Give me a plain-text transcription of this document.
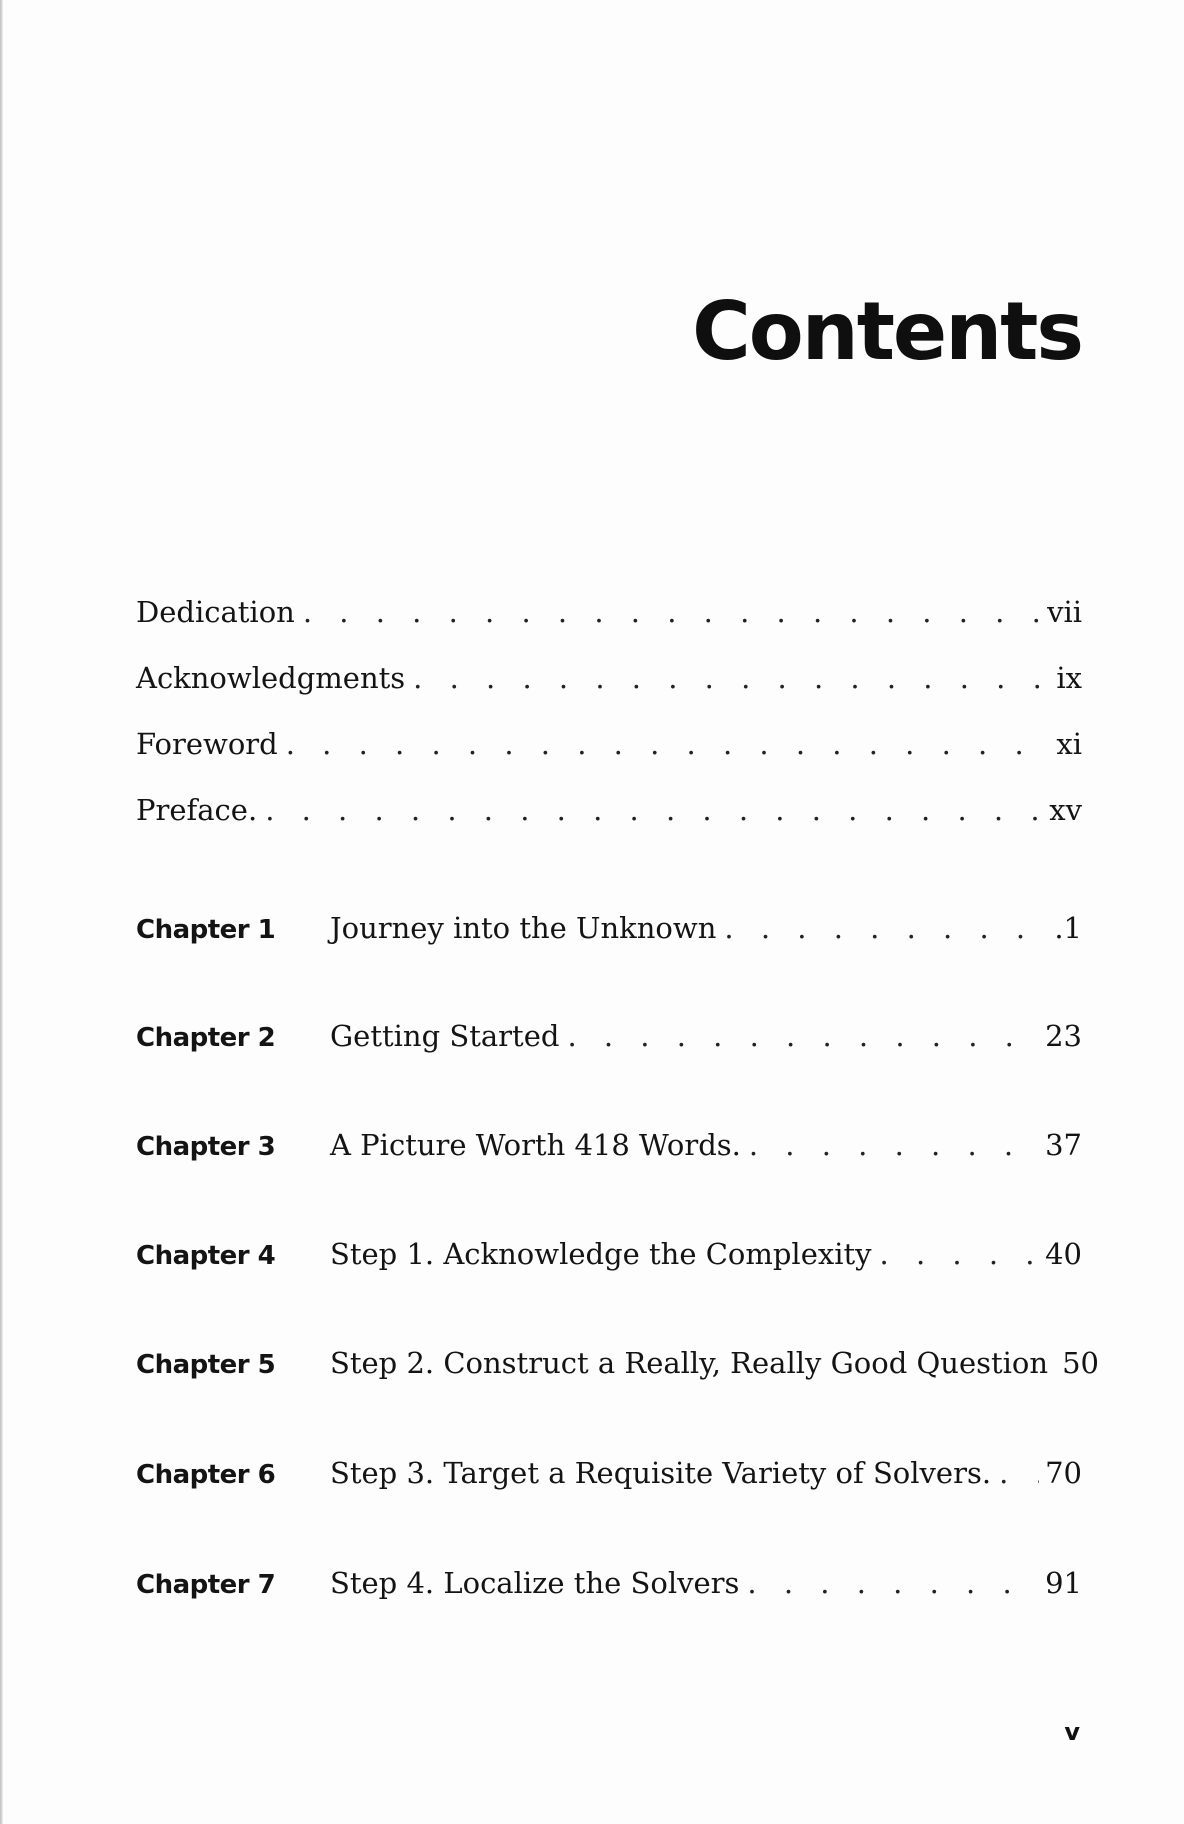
Contents
Dedication . . .	vii
Acknowledgments . . .	ix
Foreword . . .	xi
Preface. . . .	xv
Chapter 1	Journey into the Unknown . . .	.1
Chapter 2	Getting Started . . .	23
Chapter 3	A Picture Worth 418 Words. . . .	37
Chapter 4	Step 1. Acknowledge the Complexity . . .	40
Chapter 5	Step 2. Construct a Really, Really Good Question 50
Chapter 6	Step 3. Target a Requisite Variety of Solvers. . . . 70
Chapter 7	Step 4. Localize the Solvers . . .	91
v
